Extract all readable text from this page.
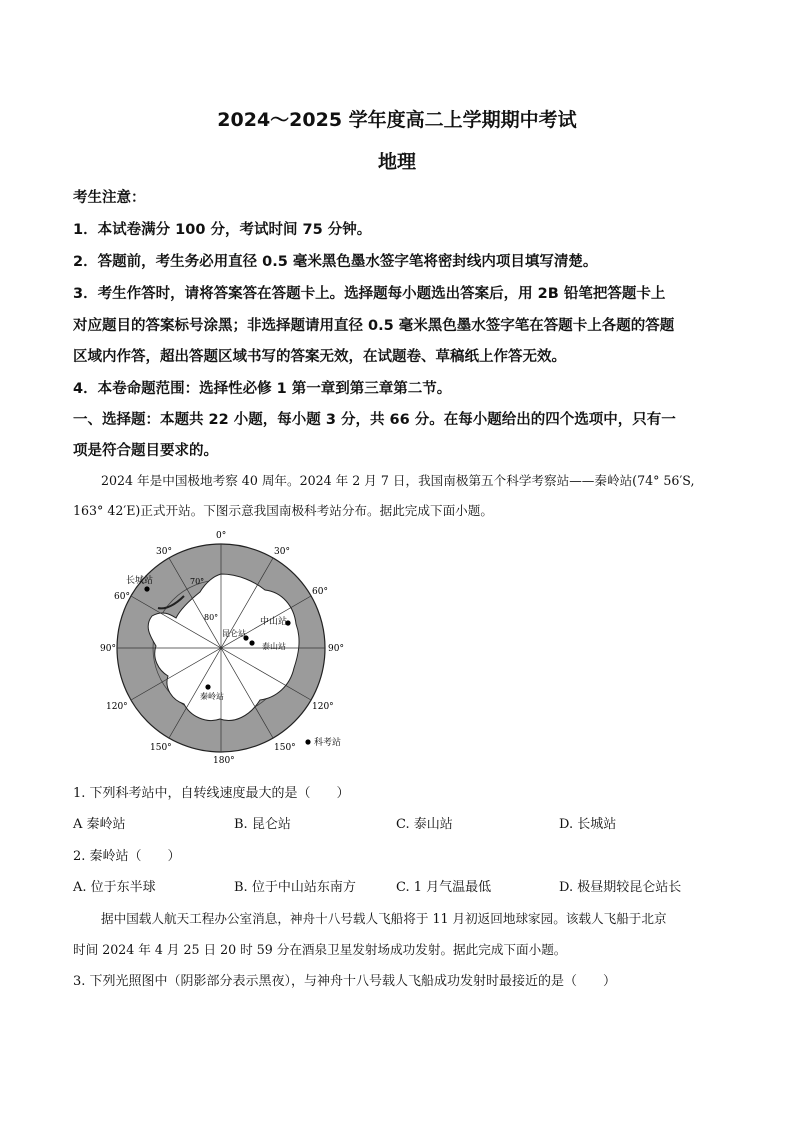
2024～2025 学年度高二上学期期中考试
地理
考生注意：
1．本试卷满分 100 分，考试时间 75 分钟。
2．答题前，考生务必用直径 0.5 毫米黑色墨水签字笔将密封线内项目填写清楚。
3．考生作答时，请将答案答在答题卡上。选择题每小题选出答案后，用 2B 铅笔把答题卡上
对应题目的答案标号涂黑；非选择题请用直径 0.5 毫米黑色墨水签字笔在答题卡上各题的答题
区域内作答，超出答题区域书写的答案无效，在试题卷、草稿纸上作答无效。
4．本卷命题范围：选择性必修 1 第一章到第三章第二节。
一、选择题：本题共 22 小题，每小题 3 分，共 66 分。在每小题给出的四个选项中，只有一
项是符合题目要求的。
2024 年是中国极地考察 40 周年。2024 年 2 月 7 日，我国南极第五个科学考察站——秦岭站(74° 56′S,
163° 42′E)正式开站。下图示意我国南极科考站分布。据此完成下面小题。
0°
30°
60°
90°
120°
150°
180°
150°
120°
90°
60°
30°
70°
80°
长城站
中山站
昆仑站
泰山站
秦岭站
科考站
1. 下列科考站中，自转线速度最大的是（　　）
A 秦岭站	B. 昆仑站	C. 泰山站	D. 长城站
2. 秦岭站（　　）
A. 位于东半球	B. 位于中山站东南方	C. 1 月气温最低	D. 极昼期较昆仑站长
据中国载人航天工程办公室消息，神舟十八号载人飞船将于 11 月初返回地球家园。该载人飞船于北京
时间 2024 年 4 月 25 日 20 时 59 分在酒泉卫星发射场成功发射。据此完成下面小题。
3. 下列光照图中（阴影部分表示黑夜），与神舟十八号载人飞船成功发射时最接近的是（　　）
